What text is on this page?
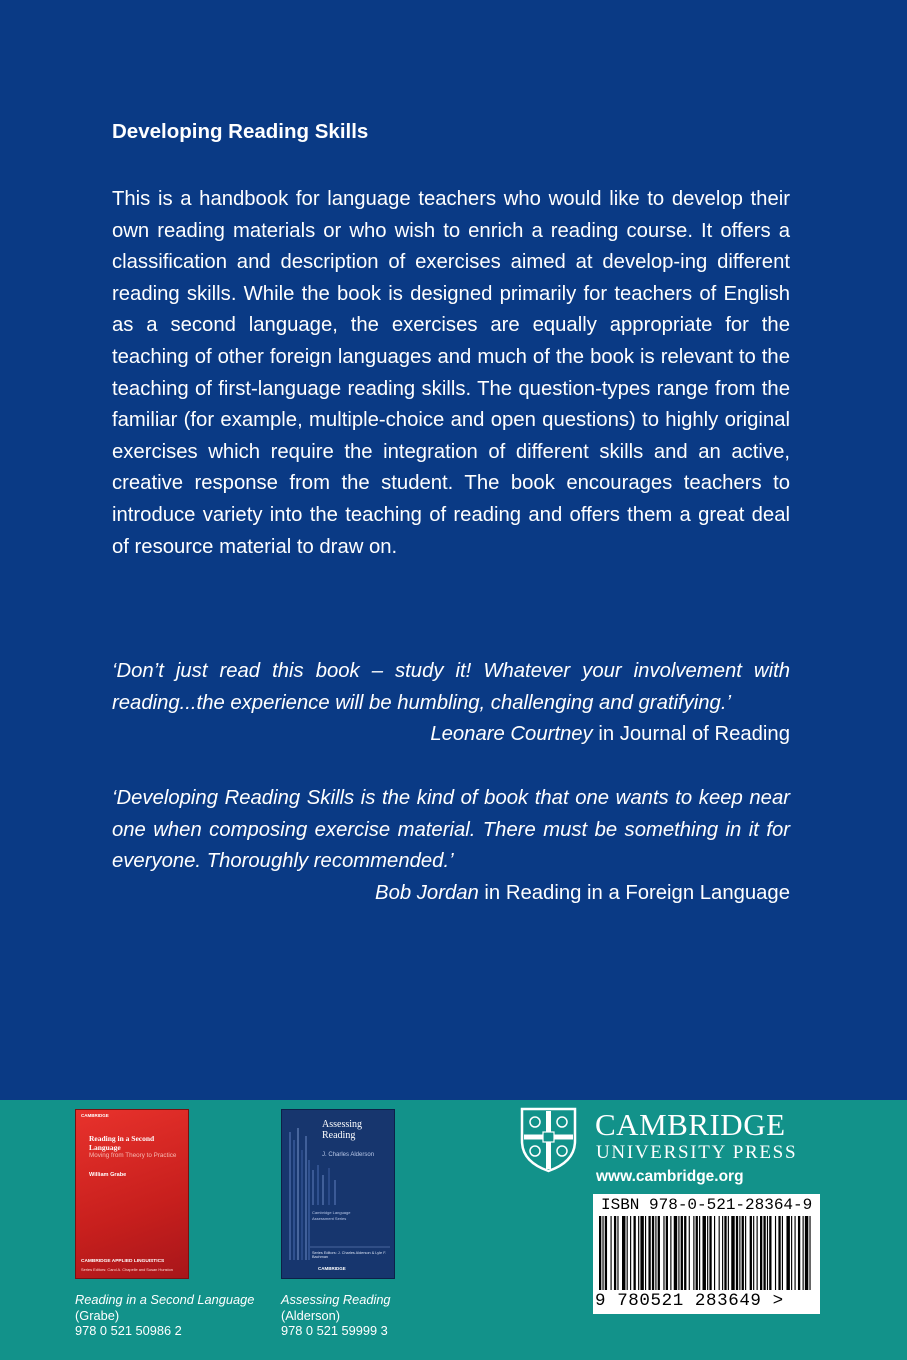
Developing Reading Skills

This is a handbook for language teachers who would like to develop their own reading materials or who wish to enrich a reading course. It offers a classification and description of exercises aimed at develop-ing different reading skills. While the book is designed primarily for teachers of English as a second language, the exercises are equally appropriate for the teaching of other foreign languages and much of the book is relevant to the teaching of first-language reading skills. The question-types range from the familiar (for example, multiple-choice and open questions) to highly original exercises which require the integration of different skills and an active, creative response from the student. The book encourages teachers to introduce variety into the teaching of reading and offers them a great deal of resource material to draw on.

‘Don’t just read this book – study it! Whatever your involvement with reading...the experience will be humbling, challenging and gratifying.’

Leonare Courtney in Journal of Reading

‘Developing Reading Skills is the kind of book that one wants to keep near one when composing exercise material. There must be something in it for everyone. Thoroughly recommended.’

Bob Jordan in Reading in a Foreign Language

CAMBRIDGE
Reading in a Second Language
Moving from Theory to Practice
William Grabe
CAMBRIDGE APPLIED LINGUISTICS
Series Editors: Carol A. Chapelle and Susan Hunston
Assessing Reading
J. Charles Alderson
Cambridge Language Assessment Series
Series Editors: J. Charles Alderson & Lyle F. Bachman
CAMBRIDGE
Reading in a Second Language
(Grabe)
978 0 521 50986 2
Assessing Reading
(Alderson)
978 0 521 59999 3
CAMBRIDGE
UNIVERSITY PRESS
www.cambridge.org
ISBN 978-0-521-28364-9
9 780521 283649 >
